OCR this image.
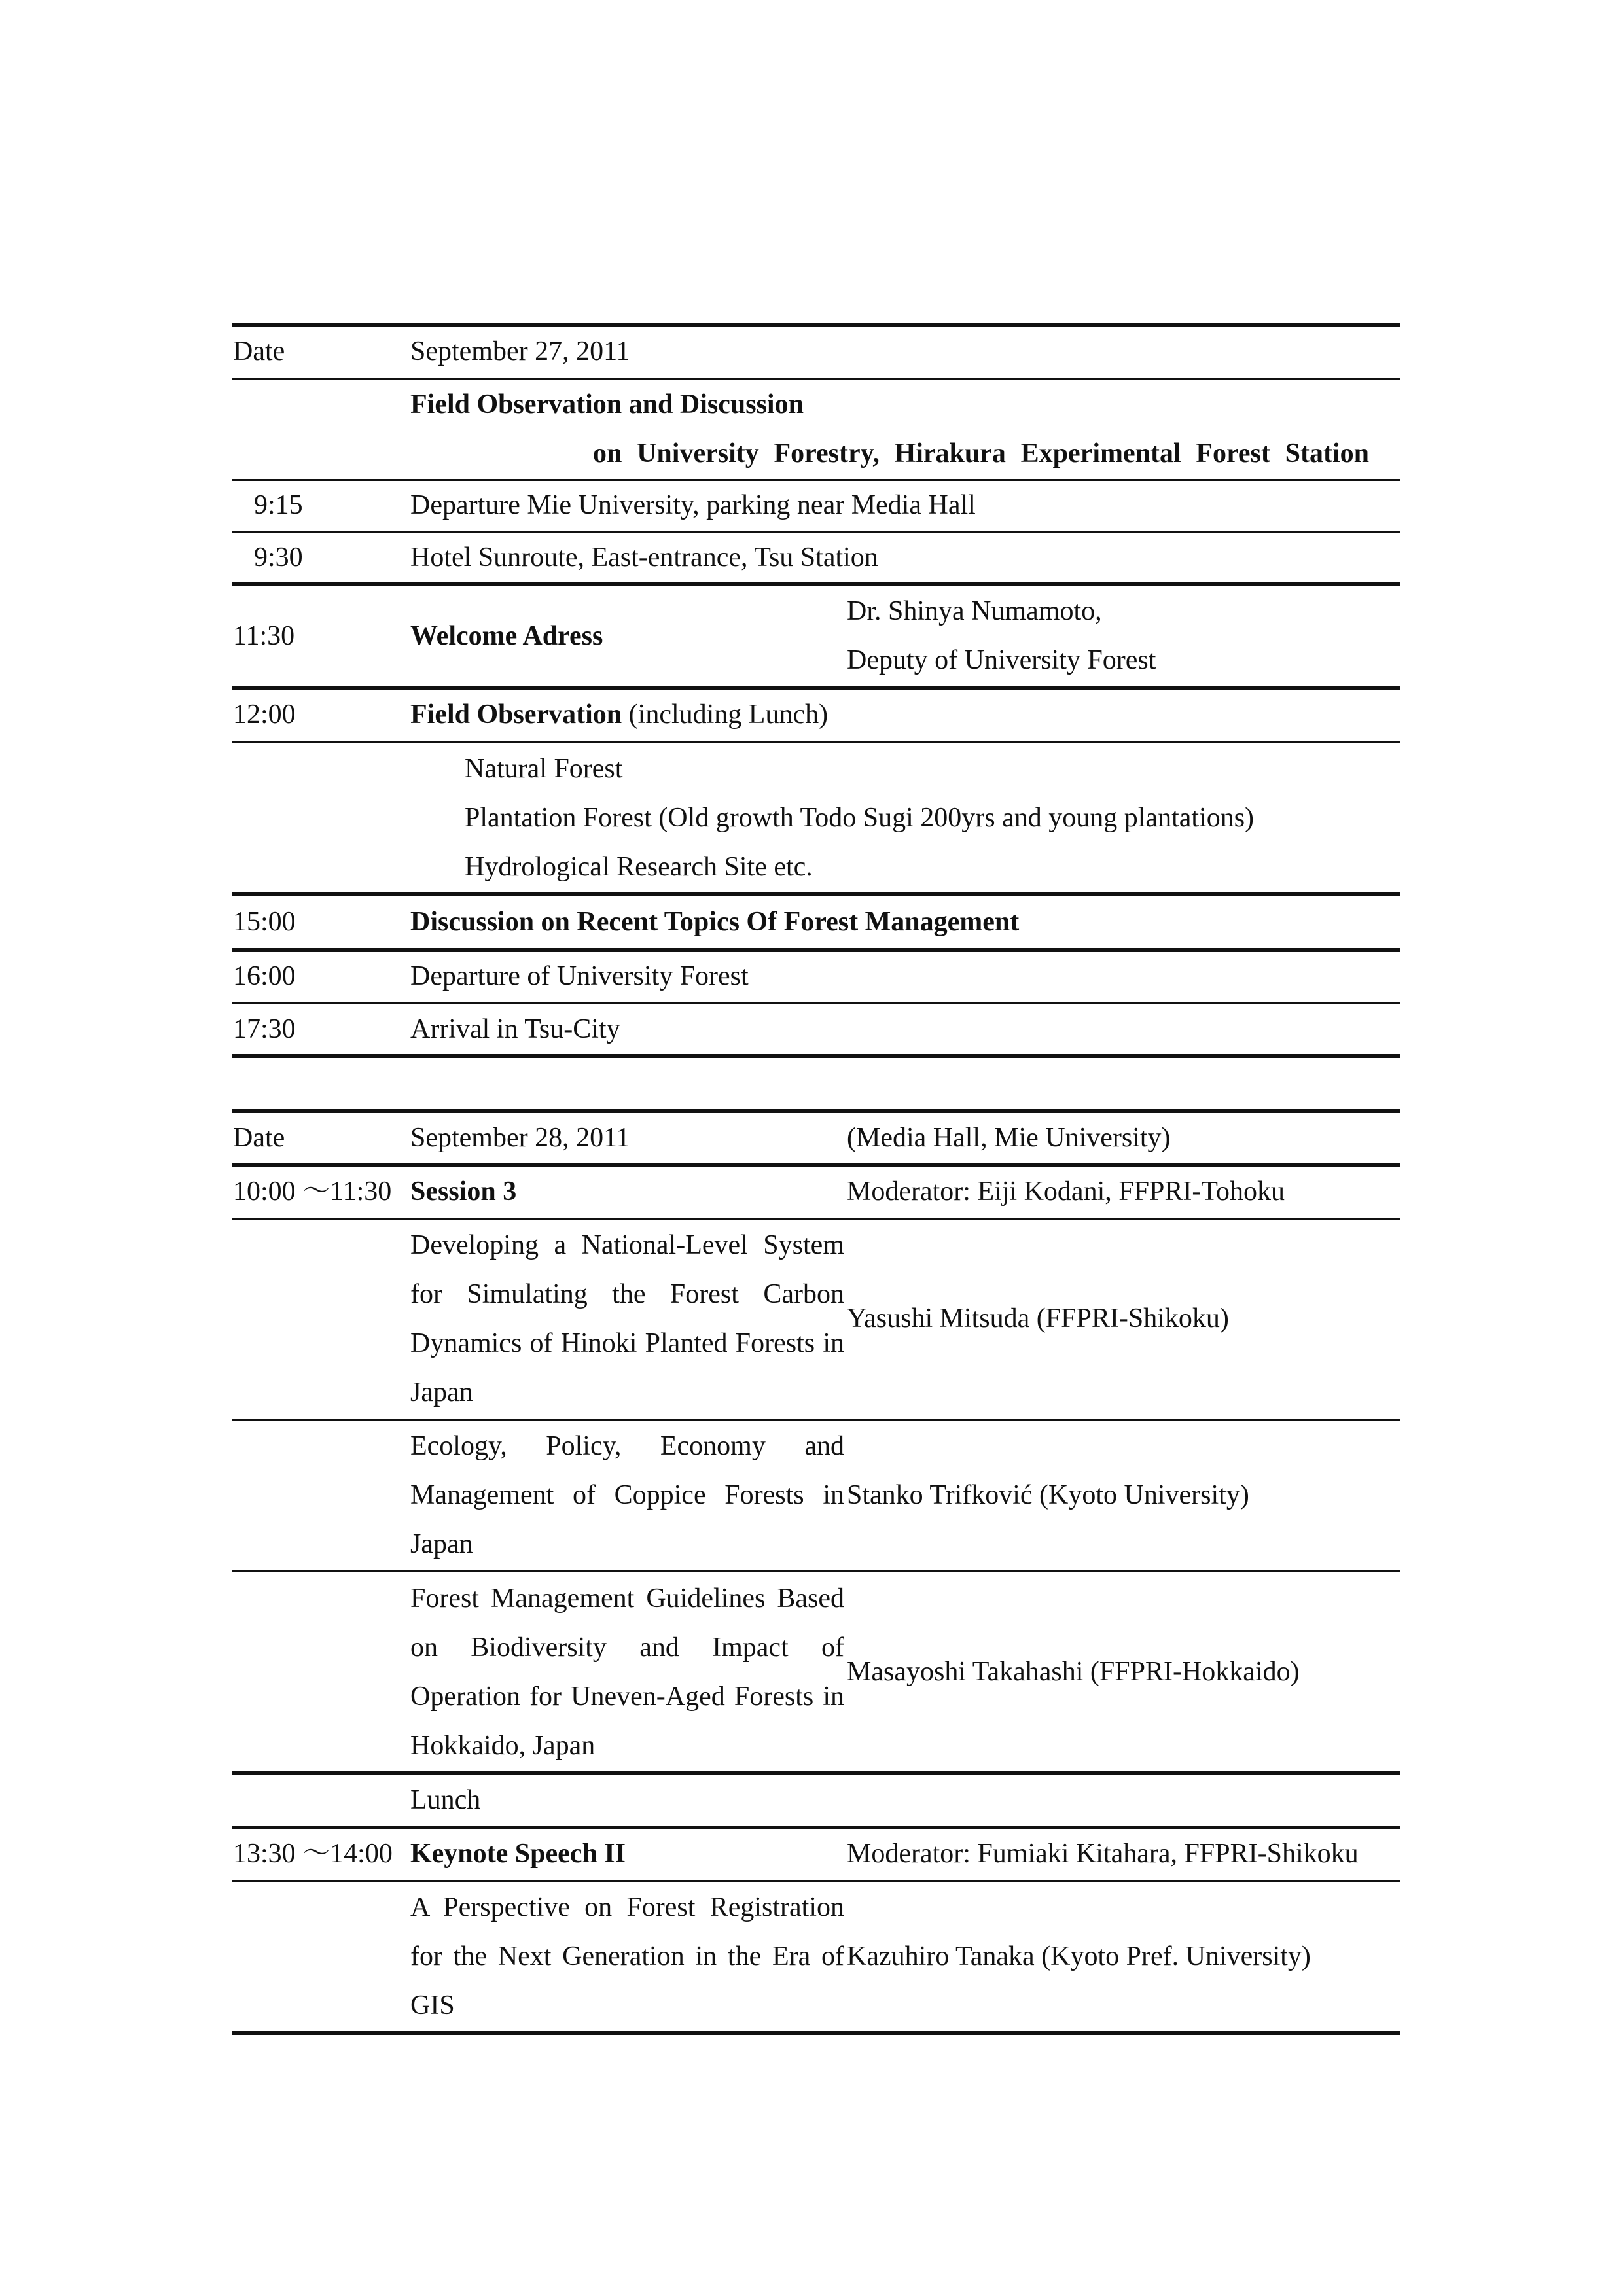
Date	September 27, 2011
Field Observation and Discussion
on University Forestry, Hirakura Experimental Forest Station
9:15	Departure Mie University, parking near Media Hall
9:30	Hotel Sunroute, East-entrance, Tsu Station
11:30	Welcome Adress
Dr. Shinya Numamoto,
Deputy of University Forest
12:00	Field Observation (including Lunch)
Natural Forest
Plantation Forest (Old growth Todo Sugi 200yrs and young plantations)
Hydrological Research Site etc.
15:00	Discussion on Recent Topics Of Forest Management
16:00	Departure of University Forest
17:30	Arrival in Tsu-City
Date	September 28, 2011	(Media Hall, Mie University)
10:00 ～11:30 Session 3	Moderator: Eiji Kodani, FFPRI-Tohoku
Developing a National-Level System
for Simulating the Forest Carbon
Dynamics of Hinoki Planted Forests in
Japan
Yasushi Mitsuda (FFPRI-Shikoku)
Ecology, Policy, Economy and
Management of Coppice Forests in
Japan
Stanko Trifković (Kyoto University)
Forest Management Guidelines Based
on Biodiversity and Impact of
Operation for Uneven-Aged Forests in
Hokkaido, Japan
Masayoshi Takahashi (FFPRI-Hokkaido)
Lunch
13:30 ～14:00 Keynote Speech II	Moderator: Fumiaki Kitahara, FFPRI-Shikoku
A Perspective on Forest Registration
for the Next Generation in the Era of
GIS
Kazuhiro Tanaka (Kyoto Pref. University)
